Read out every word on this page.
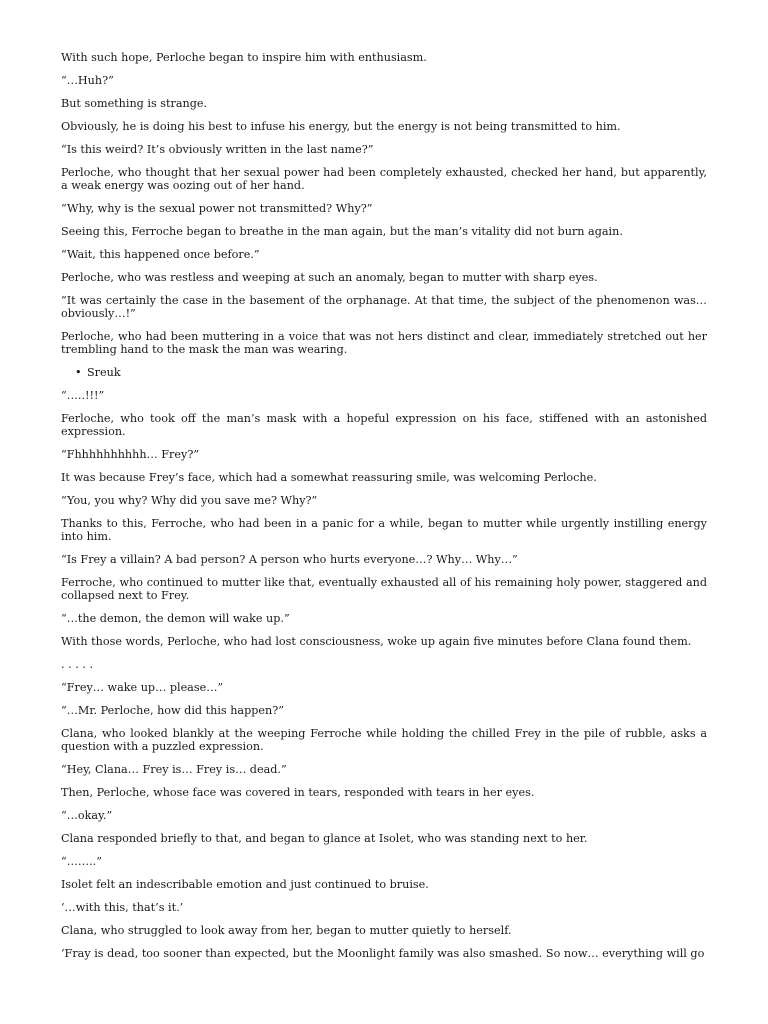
With such hope, Perloche began to inspire him with enthusiasm.

“…Huh?”

But something is strange.

Obviously, he is doing his best to infuse his energy, but the energy is not being transmitted to him.

“Is this weird? It’s obviously written in the last name?”

Perloche, who thought that her sexual power had been completely exhausted, checked her hand, but apparently, a weak energy was oozing out of her hand.

“Why, why is the sexual power not transmitted? Why?”

Seeing this, Ferroche began to breathe in the man again, but the man’s vitality did not burn again.

“Wait, this happened once before.”

Perloche, who was restless and weeping at such an anomaly, began to mutter with sharp eyes.

“It was certainly the case in the basement of the orphanage. At that time, the subject of the phenomenon was… obviously…!”

Perloche, who had been muttering in a voice that was not hers distinct and clear, immediately stretched out her trembling hand to the mask the man was wearing.

• Sreuk

“…..!!!”

Ferloche, who took off the man’s mask with a hopeful expression on his face, stiffened with an astonished expression.

“Fhhhhhhhhhh… Frey?”

It was because Frey’s face, which had a somewhat reassuring smile, was welcoming Perloche.

“You, you why? Why did you save me? Why?”

Thanks to this, Ferroche, who had been in a panic for a while, began to mutter while urgently instilling energy into him.

“Is Frey a villain? A bad person? A person who hurts everyone…? Why… Why…”

Ferroche, who continued to mutter like that, eventually exhausted all of his remaining holy power, staggered and collapsed next to Frey.

“…the demon, the demon will wake up.”

With those words, Perloche, who had lost consciousness, woke up again five minutes before Clana found them.

. . . . .

“Frey… wake up… please…”

“…Mr. Perloche, how did this happen?”

Clana, who looked blankly at the weeping Ferroche while holding the chilled Frey in the pile of rubble, asks a question with a puzzled expression.

“Hey, Clana… Frey is… Frey is… dead.”

Then, Perloche, whose face was covered in tears, responded with tears in her eyes.

“…okay.”

Clana responded briefly to that, and began to glance at Isolet, who was standing next to her.

“……..”

Isolet felt an indescribable emotion and just continued to bruise.

‘…with this, that’s it.’

Clana, who struggled to look away from her, began to mutter quietly to herself.

‘Fray is dead, too sooner than expected, but the Moonlight family was also smashed. So now… everything will go
